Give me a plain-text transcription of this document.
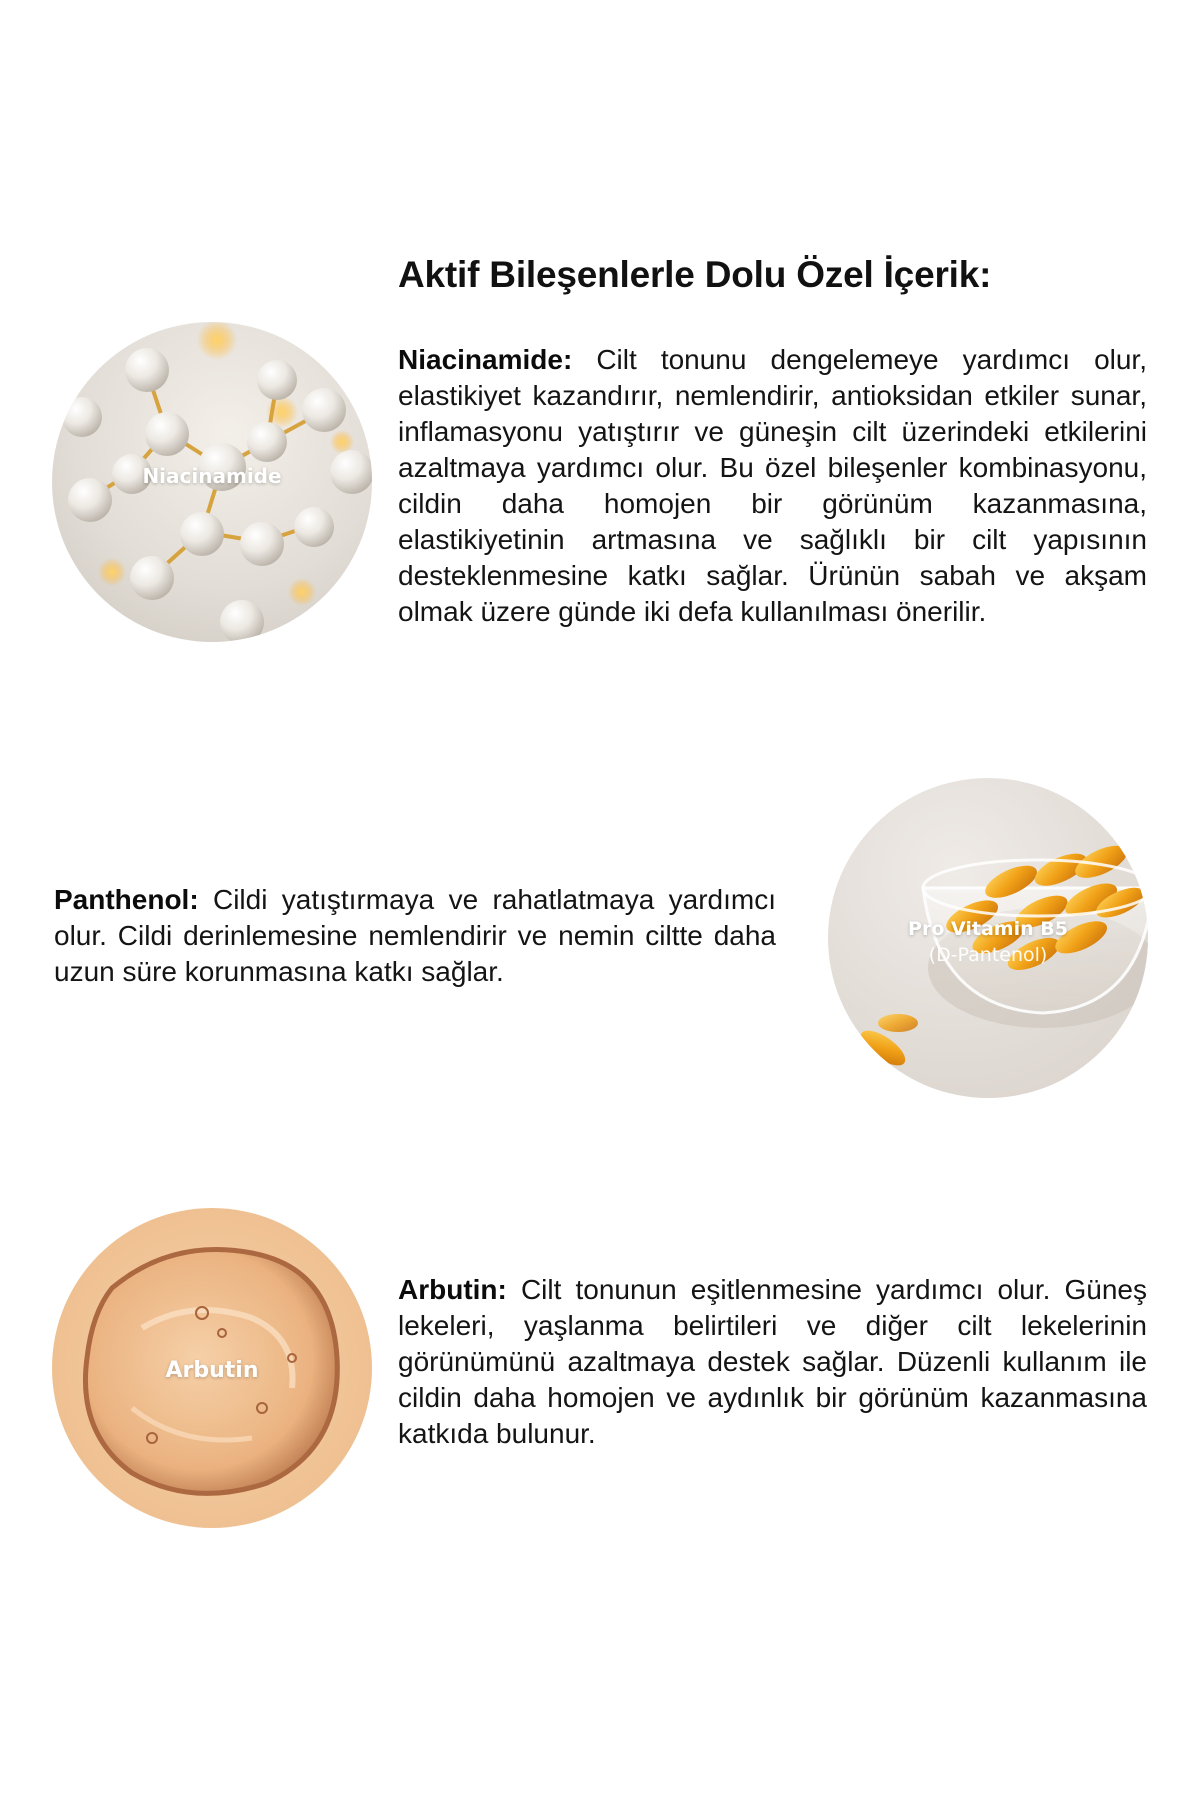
Aktif Bileşenlerle Dolu Özel İçerik:
Niacinamide

Niacinamide: Cilt tonunu dengelemeye yardımcı olur, elastikiyet kazandırır, nemlendirir, antioksidan etkiler sunar, inflamasyonu yatıştırır ve güneşin cilt üzerindeki etkilerini azaltmaya yardımcı olur. Bu özel bileşenler kombinasyonu, cildin daha homojen bir görünüm kazanmasına, elastikiyetinin artmasına ve sağlıklı bir cilt yapısının desteklenmesine katkı sağlar. Ürünün sabah ve akşam olmak üzere günde iki defa kullanılması önerilir.

Panthenol: Cildi yatıştırmaya ve rahatlatmaya yardımcı olur. Cildi derinlemesine nemlendirir ve nemin ciltte daha uzun süre korunmasına katkı sağlar.

Pro Vitamin B5
(D-Pantenol)
Arbutin

Arbutin: Cilt tonunun eşitlenmesine yardımcı olur. Güneş lekeleri, yaşlanma belirtileri ve diğer cilt lekelerinin görünümünü azaltmaya destek sağlar. Düzenli kullanım ile cildin daha homojen ve aydınlık bir görünüm kazanmasına katkıda bulunur.
